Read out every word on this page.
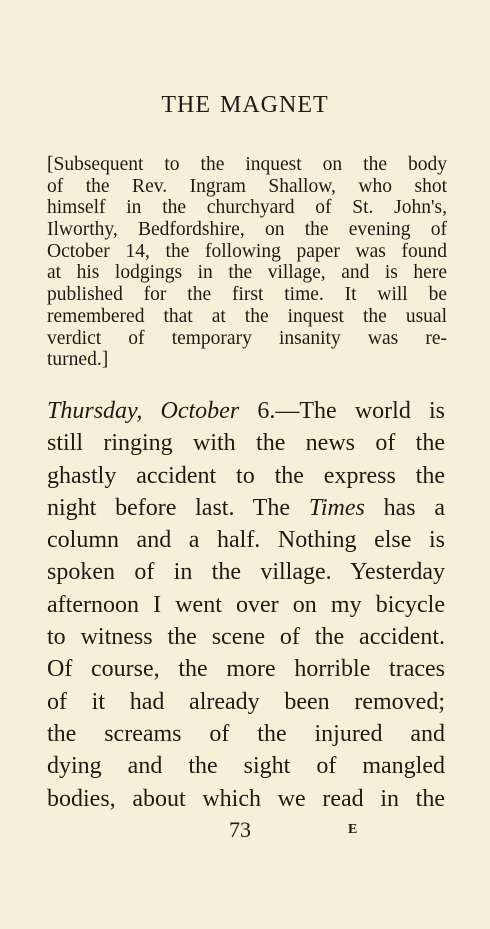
THE MAGNET
[Subsequent to the inquest on the body
of the Rev. Ingram Shallow, who shot
himself in the churchyard of St. John's,
Ilworthy, Bedfordshire, on the evening of
October 14, the following paper was found
at his lodgings in the village, and is here
published for the first time. It will be
remembered that at the inquest the usual
verdict of temporary insanity was re-
turned.]
Thursday, October 6.—The world is
still ringing with the news of the
ghastly accident to the express the
night before last. The Times has a
column and a half. Nothing else is
spoken of in the village. Yesterday
afternoon I went over on my bicycle
to witness the scene of the accident.
Of course, the more horrible traces
of it had already been removed;
the screams of the injured and
dying and the sight of mangled
bodies, about which we read in the
73	E
